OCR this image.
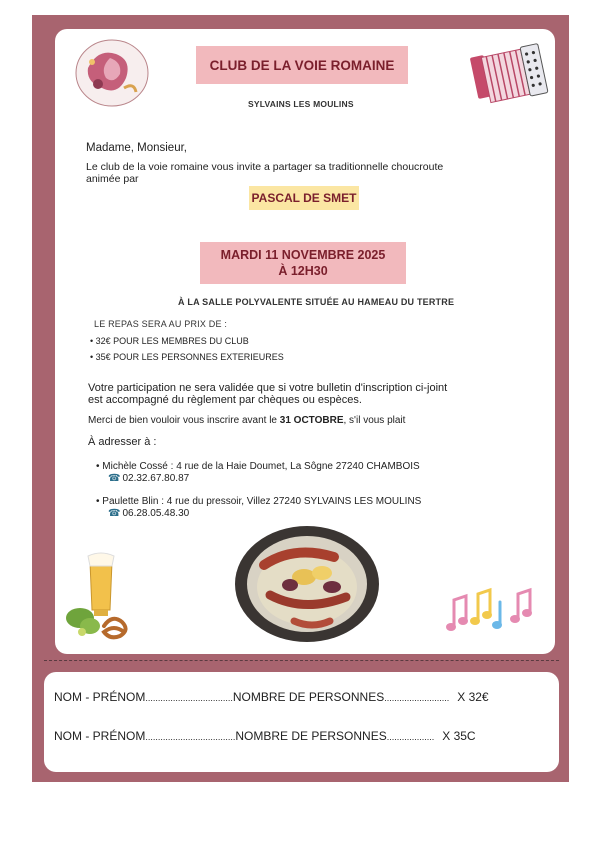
CLUB DE LA VOIE ROMAINE
SYLVAINS LES MOULINS
Madame, Monsieur,
Le club de la voie romaine vous invite a partager sa traditionnelle choucroute
animée par
PASCAL DE SMET
MARDI 11 NOVEMBRE 2025
À 12H30
À LA SALLE POLYVALENTE SITUÉE AU HAMEAU DU TERTRE
LE REPAS SERA AU PRIX DE :
• 32€ POUR LES MEMBRES DU CLUB
• 35€ POUR LES PERSONNES EXTERIEURES
Votre participation ne sera validée que si votre bulletin d'inscription ci-joint
est accompagné du règlement par chèques ou espèces.
Merci de bien vouloir vous inscrire avant le 31 OCTOBRE, s'il vous plait
À adresser à :
• Michèle Cossé : 4 rue de la Haie Doumet, La Sôgne 27240 CHAMBOIS
☎ 02.32.67.80.87
• Paulette Blin : 4 rue du pressoir, Villez 27240 SYLVAINS LES MOULINS
☎ 06.28.05.48.30
NOM - PRÉNOM...................................NOMBRE DE PERSONNES.......................... X 32€
NOM - PRÉNOM....................................NOMBRE DE PERSONNES................... X 35C
